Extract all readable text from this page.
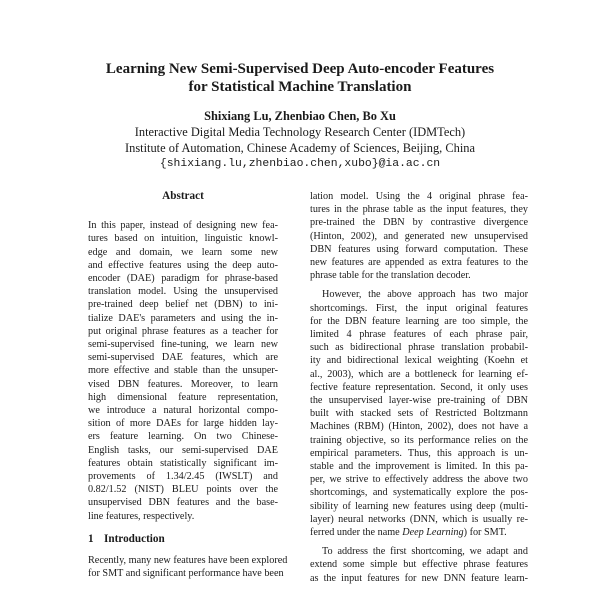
Learning New Semi-Supervised Deep Auto-encoder Features
for Statistical Machine Translation
Shixiang Lu, Zhenbiao Chen, Bo Xu
Interactive Digital Media Technology Research Center (IDMTech)
Institute of Automation, Chinese Academy of Sciences, Beijing, China
{shixiang.lu,zhenbiao.chen,xubo}@ia.ac.cn
Abstract
In this paper, instead of designing new fea-
tures based on intuition, linguistic knowl-
edge and domain, we learn some new
and effective features using the deep auto-
encoder (DAE) paradigm for phrase-based
translation model. Using the unsupervised
pre-trained deep belief net (DBN) to ini-
tialize DAE's parameters and using the in-
put original phrase features as a teacher for
semi-supervised fine-tuning, we learn new
semi-supervised DAE features, which are
more effective and stable than the unsuper-
vised DBN features. Moreover, to learn
high dimensional feature representation,
we introduce a natural horizontal compo-
sition of more DAEs for large hidden lay-
ers feature learning. On two Chinese-
English tasks, our semi-supervised DAE
features obtain statistically significant im-
provements of 1.34/2.45 (IWSLT) and
0.82/1.52 (NIST) BLEU points over the
unsupervised DBN features and the base-
line features, respectively.
1 Introduction
Recently, many new features have been explored
for SMT and significant performance have been
lation model. Using the 4 original phrase fea-
tures in the phrase table as the input features, they
pre-trained the DBN by contrastive divergence
(Hinton, 2002), and generated new unsupervised
DBN features using forward computation. These
new features are appended as extra features to the
phrase table for the translation decoder.
However, the above approach has two major
shortcomings. First, the input original features
for the DBN feature learning are too simple, the
limited 4 phrase features of each phrase pair,
such as bidirectional phrase translation probabil-
ity and bidirectional lexical weighting (Koehn et
al., 2003), which are a bottleneck for learning ef-
fective feature representation. Second, it only uses
the unsupervised layer-wise pre-training of DBN
built with stacked sets of Restricted Boltzmann
Machines (RBM) (Hinton, 2002), does not have a
training objective, so its performance relies on the
empirical parameters. Thus, this approach is un-
stable and the improvement is limited. In this pa-
per, we strive to effectively address the above two
shortcomings, and systematically explore the pos-
sibility of learning new features using deep (multi-
layer) neural networks (DNN, which is usually re-
ferred under the name Deep Learning) for SMT.
To address the first shortcoming, we adapt and
extend some simple but effective phrase features
as the input features for new DNN feature learn-
